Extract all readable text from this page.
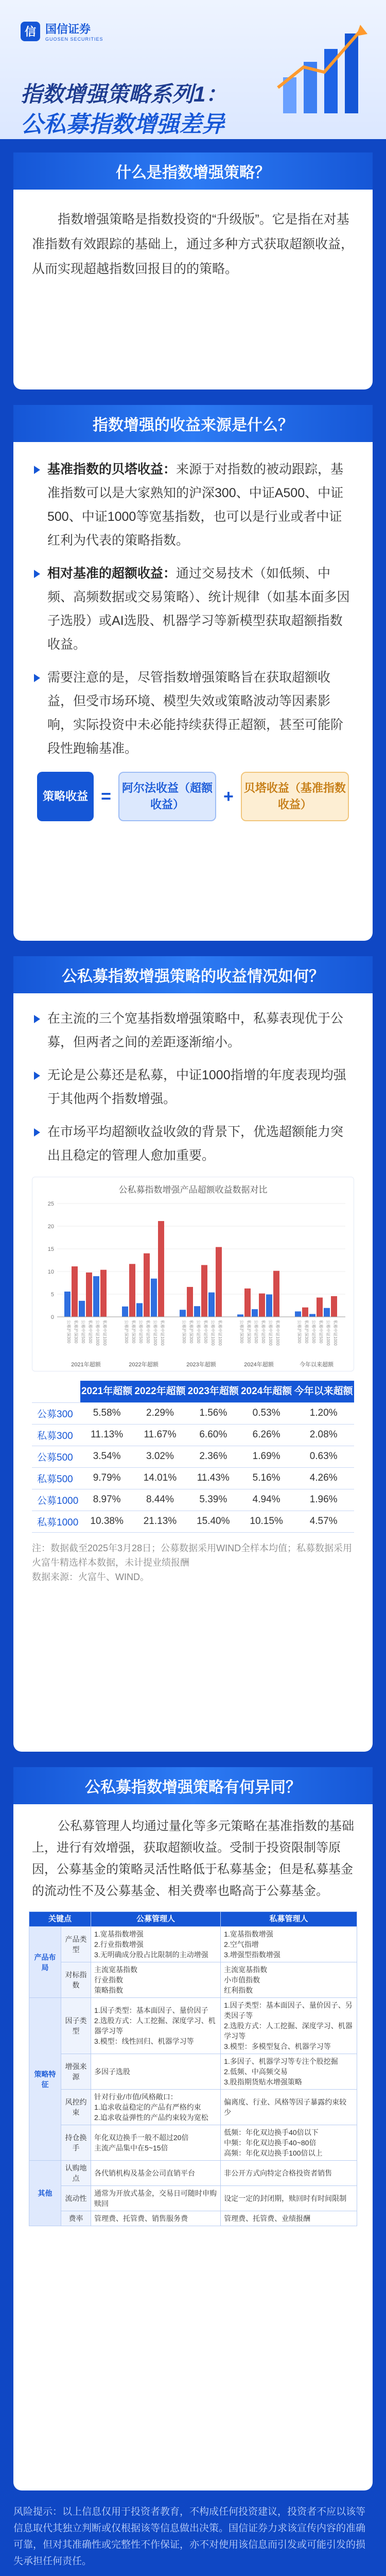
信 国信证券
GUOSEN SECURITIES
指数增强策略系列1：
公私募指数增强差异
什么是指数增强策略？
指数增强策略是指数投资的“升级版”。它是指在对基准指数有效跟踪的基础上，通过多种方式获取超额收益，从而实现超越指数回报目的的策略。
指数增强的收益来源是什么？
基准指数的贝塔收益：来源于对指数的被动跟踪，基准指数可以是大家熟知的沪深300、中证A500、中证500、中证1000等宽基指数，也可以是行业或者中证红利为代表的策略指数。
相对基准的超额收益：通过交易技术（如低频、中频、高频数据或交易策略）、统计规律（如基本面多因子选股）或AI选股、机器学习等新模型获取超额指数收益。
需要注意的是，尽管指数增强策略旨在获取超额收益，但受市场环境、模型失效或策略波动等因素影响，实际投资中未必能持续获得正超额，甚至可能阶段性跑输基准。
策略收益 = 阿尔法收益（超额收益）	+ 贝塔收益（基准指数收益）
公私募指数增强策略的收益情况如何？
在主流的三个宽基指数增强策略中，私募表现优于公募，但两者之间的差距逐渐缩小。
无论是公募还是私募，中证1000指增的年度表现均强于其他两个指数增强。
在市场平均超额收益收敛的背景下，优选超额能力突出且稳定的管理人愈加重要。
公私募指数增强产品超额收益数据对比
0
5
10
15
20
25
公募沪深300 私募沪深300 公募中证500 私募中证500 公募中证1000 私募中证1000
2021年超额
公募沪深300 私募沪深300 公募中证500 私募中证500 公募中证1000 私募中证1000
2022年超额
公募沪深300 私募沪深300 公募中证500 私募中证500 公募中证1000 私募中证1000
2023年超额
公募沪深300 私募沪深300 公募中证500 私募中证500 公募中证1000 私募中证1000
2024年超额
公募沪深300 私募沪深300 公募中证500 私募中证500 公募中证1000 私募中证1000
今年以来超额
	2021年超额	2022年超额	2023年超额	2024年超额	今年以来超额
公募300	5.58%	2.29%	1.56%	0.53%	1.20%
私募300	11.13%	11.67%	6.60%	6.26%	2.08%
公募500	3.54%	3.02%	2.36%	1.69%	0.63%
私募500	9.79%	14.01%	11.43%	5.16%	4.26%
公募1000	8.97%	8.44%	5.39%	4.94%	1.96%
私募1000	10.38%	21.13%	15.40%	10.15%	4.57%
注：数据截至2025年3月28日；公募数据采用WIND全样本均值；私募数据采用火富牛精选样本数据，未计提业绩报酬
数据来源：火富牛、WIND。
公私募指数增强策略有何异同？
公私募管理人均通过量化等多元策略在基准指数的基础上，进行有效增强，获取超额收益。受制于投资限制等原因，公募基金的策略灵活性略低于私募基金；但是私募基金的流动性不及公募基金、相关费率也略高于公募基金。
关键点		公募管理人	私募管理人
产品布局	产品类型	1.宽基指数增强
2.行业指数增强
3.无明确成分股占比限制的主动增强	1.宽基指数增强
2.空气指增
3.增强型指数增强
	对标指数	主流宽基指数
行业指数
策略指数	主流宽基指数
小市值指数
红利指数
策略特征	因子类型	1.因子类型：基本面因子、量价因子
2.选股方式：人工挖掘、深度学习、机器学习等
3.模型：线性回归、机器学习等	1.因子类型：基本面因子、量价因子、另类因子等
2.选股方式：人工挖掘、深度学习、机器学习等
3.模型：多模型复合、机器学习等
	增强来源	多因子选股	1.多因子、机器学习等专注个股挖掘
2.低频、中高频交易
3.股指期货贴水增强策略
	风控约束	针对行业/市值/风格敞口：
1.追求收益稳定的产品有严格约束
2.追求收益弹性的产品约束较为宽松	偏离度、行业、风格等因子暴露约束较少
	持仓换手	年化双边换手一般不超过20倍
主流产品集中在5~15倍	低频：年化双边换手40倍以下
中频：年化双边换手40~80倍
高频：年化双边换手100倍以上
其他	认购地点	各代销机构及基金公司直销平台	非公开方式向特定合格投资者销售
	流动性	通常为开放式基金，交易日可随时申购赎回	设定一定的封闭期，赎回时有时间限制
	费率	管理费、托管费、销售服务费	管理费、托管费、业绩报酬
风险提示：以上信息仅用于投资者教育，不构成任何投资建议，投资者不应以该等信息取代其独立判断或仅根据该等信息做出决策。国信证券力求该宣传内容的准确可靠，但对其准确性或完整性不作保证，亦不对使用该信息而引发或可能引发的损失承担任何责任。
